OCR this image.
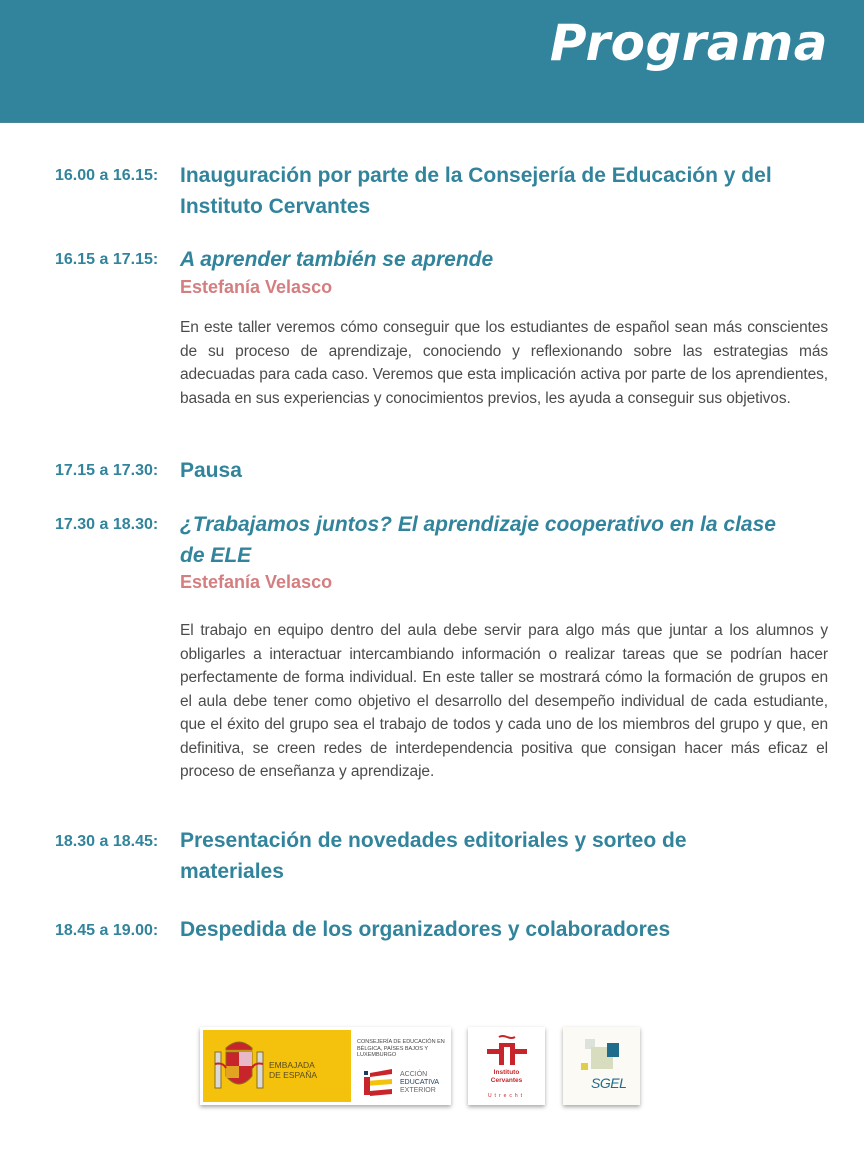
Programa
16.00 a 16.15: Inauguración por parte de la Consejería de Educación y del
Instituto Cervantes
16.15 a 17.15: A aprender también se aprende
Estefanía Velasco
En este taller veremos cómo conseguir que los estudiantes de español sean más conscientes de su proceso de aprendizaje, conociendo y reflexionando sobre las estrategias más adecuadas para cada caso. Veremos que esta implicación activa por parte de los aprendientes, basada en sus experiencias y conocimientos previos, les ayuda a conseguir sus objetivos.
17.15 a 17.30: Pausa
17.30 a 18.30: ¿Trabajamos juntos? El aprendizaje cooperativo en la clase
de ELE
Estefanía Velasco
El trabajo en equipo dentro del aula debe servir para algo más que juntar a los alumnos y obligarles a interactuar intercambiando información o realizar tareas que se podrían hacer perfectamente de forma individual. En este taller se mostrará cómo la formación de grupos en el aula debe tener como objetivo el desarrollo del desempeño individual de cada estudiante, que el éxito del grupo sea el trabajo de todos y cada uno de los miembros del grupo y que, en definitiva, se creen redes de interdependencia positiva que consigan hacer más eficaz el proceso de enseñanza y aprendizaje.
18.30 a 18.45: Presentación de novedades editoriales y sorteo de
materiales
18.45 a 19.00: Despedida de los organizadores y colaboradores
EMBAJADA
DE ESPAÑA
CONSEJERÍA DE EDUCACIÓN EN BÉLGICA, PAÍSES BAJOS Y LUXEMBURGO
ACCIÓN
EDUCATIVA
EXTERIOR
Instituto
Cervantes
Utrecht
SGEL
